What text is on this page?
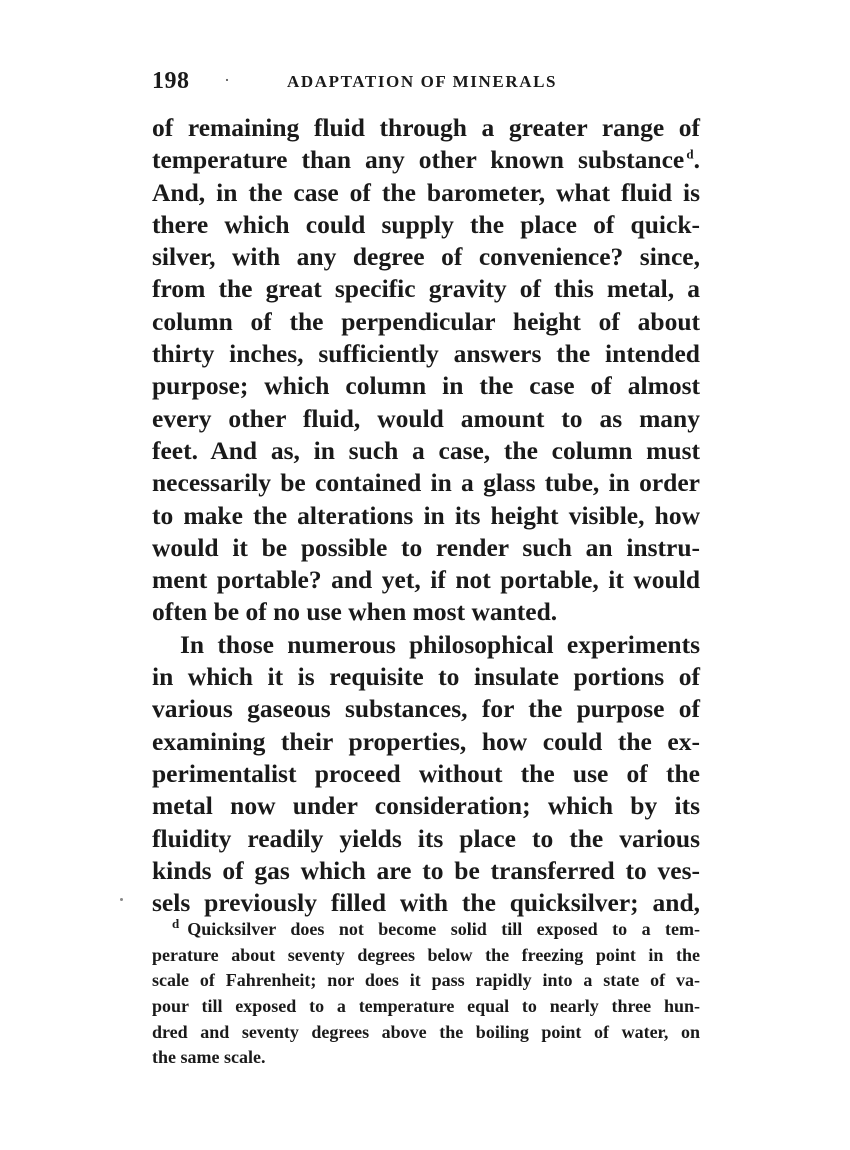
198 ·	ADAPTATION OF MINERALS
of remaining fluid through a greater range of
temperature than any other known substance  $^d$.
And, in the case of the barometer, what fluid is
there which could supply the place of quick-
silver, with any degree of convenience? since,
from the great specific gravity of this metal, a
column of the perpendicular height of about
thirty inches, sufficiently answers the intended
purpose; which column in the case of almost
every other fluid, would amount to as many
feet. And as, in such a case, the column must
necessarily be contained in a glass tube, in order
to make the alterations in its height visible, how
would it be possible to render such an instru-
ment portable? and yet, if not portable, it would
often be of no use when most wanted.
In those numerous philosophical experiments
in which it is requisite to insulate portions of
various gaseous substances, for the purpose of
examining their properties, how could the ex-
perimentalist proceed without the use of the
metal now under consideration; which by its
fluidity readily yields its place to the various
kinds of gas which are to be transferred to ves-
sels previously filled with the quicksilver; and,
$^d$ Quicksilver does not become solid till exposed to a tem-
perature about seventy degrees below the freezing point in the
scale of Fahrenheit; nor does it pass rapidly into a state of va-
pour till exposed to a temperature equal to nearly three hun-
dred and seventy degrees above the boiling point of water, on
the same scale.
